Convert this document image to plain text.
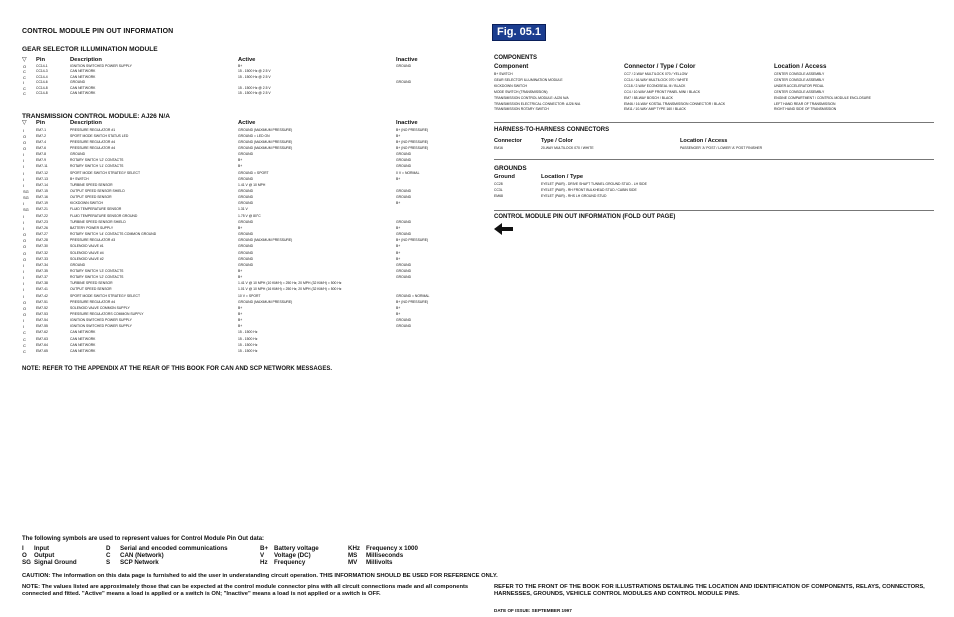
CONTROL MODULE PIN OUT INFORMATION
GEAR SELECTOR ILLUMINATION MODULE
Pin	Description	Active	Inactive
▽
O	CC14-1	IGNITION SWITCHED POWER SUPPLY	B+	GROUND
C	CC14-3	CAN NETWORK	15 - 1500 Hz @ 2.5 V
C	CC14-4	CAN NETWORK	15 - 1500 Hz @ 2.5 V
I	CC14-6	GROUND	GROUND
C	CC14-8	CAN NETWORK	15 - 1500 Hz @ 2.5 V
C	CC14-8	CAN NETWORK	15 - 1500 Hz @ 2.5 V
TRANSMISSION CONTROL MODULE: AJ26 N/A
Pin	Description	Active	Inactive
▽
I	EM7-1	PRESSURE REGULATOR #1	GROUND (MAXIMUM PRESSURE)	B+ (NO PRESSURE)
O	EM7-2	SPORT MODE SWITCH STATUS LED	GROUND = LED ON	B+
O	EM7-4	PRESSURE REGULATOR #4	GROUND (MAXIMUM PRESSURE)	B+ (NO PRESSURE)
O	EM7-6	PRESSURE REGULATOR #4	GROUND (MAXIMUM PRESSURE)	B+ (NO PRESSURE)
I	EM7-8	GROUND	GROUND	GROUND
I	EM7-9	ROTARY SWITCH 'L2' CONTACTS	B+	GROUND
I	EM7-11	ROTARY SWITCH 'L1' CONTACTS	B+	GROUND
I	EM7-12	SPORT MODE SWITCH STRATEGY SELECT	GROUND = SPORT	0 V = NORMAL
I	EM7-13	B+ SWITCH	GROUND	B+
I	EM7-14	TURBINE SPEED SENSOR	1.41 V @ 10 MPH
SG	EM7-15	OUTPUT SPEED SENSOR SHIELD	GROUND	GROUND
SG	EM7-16	OUTPUT SPEED SENSOR	GROUND	GROUND
I	EM7-19	KICKDOWN SWITCH	GROUND	B+
SG	EM7-21	FLUID TEMPERATURE SENSOR	1.31 V
I	EM7-22	FLUID TEMPERATURE SENSOR GROUND	1.75 V @ 80°C
I	EM7-23	TURBINE SPEED SENSOR SHIELD	GROUND	GROUND
I	EM7-26	BATTERY POWER SUPPLY	B+	B+
O	EM7-27	ROTARY SWITCH 'L4' CONTACTS COMMON GROUND	GROUND	GROUND
O	EM7-28	PRESSURE REGULATOR #3	GROUND (MAXIMUM PRESSURE)	B+ (NO PRESSURE)
O	EM7-30	SOLENOID VALVE #1	GROUND	B+
O	EM7-32	SOLENOID VALVE #4	GROUND	B+
O	EM7-33	SOLENOID VALVE #2	GROUND	B+
I	EM7-34	GROUND	GROUND	GROUND
I	EM7-35	ROTARY SWITCH 'L3' CONTACTS	B+	GROUND
I	EM7-37	ROTARY SWITCH 'L2' CONTACTS	B+	GROUND
I	EM7-38	TURBINE SPEED SENSOR	1.41 V @ 10 MPH (10 KM/H) = 250 Hz; 20 MPH (32 KM/H) = 500 Hz
I	EM7-41	OUTPUT SPEED SENSOR	1.01 V @ 10 MPH (16 KM/H) = 250 Hz; 20 MPH (32 KM/H) = 500 Hz
I	EM7-42	SPORT MODE SWITCH STRATEGY SELECT	10 V = SPORT	GROUND = NORMAL
O	EM7-51	PRESSURE REGULATOR #4	GROUND (MAXIMUM PRESSURE)	B+ (NO PRESSURE)
O	EM7-52	SOLENOID VALVE COMMON SUPPLY	B+	B+
O	EM7-53	PRESSURE REGULATORS COMMON SUPPLY	B+	B+
I	EM7-54	IGNITION SWITCHED POWER SUPPLY	B+	GROUND
I	EM7-55	IGNITION SWITCHED POWER SUPPLY	B+	GROUND
C	EM7-62	CAN NETWORK	15 - 1500 Hz
C	EM7-63	CAN NETWORK	15 - 1500 Hz
C	EM7-64	CAN NETWORK	15 - 1500 Hz
C	EM7-65	CAN NETWORK	15 - 1500 Hz
NOTE: REFER TO THE APPENDIX AT THE REAR OF THIS BOOK FOR CAN AND SCP NETWORK MESSAGES.
The following symbols are used to represent values for Control Module Pin Out data:
I Input	D Serial and encoded communications	B+ Battery voltage	KHz Frequency x 1000
O Output	C CAN (Network)	V Voltage (DC)	MS Milliseconds
SG Signal Ground	S SCP Network	Hz Frequency	MV Millivolts
CAUTION: The information on this data page is furnished to aid the user in understanding circuit operation. THIS INFORMATION SHOULD BE USED FOR REFERENCE ONLY.
NOTE: The values listed are approximately those that can be expected at the control module connector pins with all circuit connections made and all components connected and fitted. "Active" means a load is applied or a switch is ON; "Inactive" means a load is not applied or a switch is OFF.
Fig. 05.1
COMPONENTS
Component	Connector / Type / Color	Location / Access
B+ SWITCH	CC7 / 2-WAY MULTILOCK 070 / YELLOW	CENTER CONSOLE ASSEMBLY
GEAR SELECTOR ILLUMINATION MODULE	CC14 / 16-WAY MULTILOCK 070 / WHITE	CENTER CONSOLE ASSEMBLY
KICKDOWN SWITCH	CC18 / 2-WAY ECONOSEAL III / BLACK	UNDER ACCELERATOR PEDAL
MODE SWITCH (TRANSMISSION)	CC4 / 10-WAY AMP FRONT PANEL MINI / BLACK	CENTER CONSOLE ASSEMBLY
TRANSMISSION CONTROL MODULE: AJ26 N/A	EM7 / 88-WAY BOSCH / BLACK	ENGINE COMPARTMENT / CONTROL MODULE ENCLOSURE
TRANSMISSION ELECTRICAL CONNECTOR: AJ26 N/A	EM46 / 16-WAY KOSTAL TRANSMISSION CONNECTOR / BLACK	LEFT HAND REAR OF TRANSMISSION
TRANSMISSION ROTARY SWITCH	EM11 / 10-WAY AMP TYPE 160 / BLACK	RIGHT HAND SIDE OF TRANSMISSION
HARNESS-TO-HARNESS CONNECTORS
Connector	Type / Color	Location / Access
EM16	20-WAY MULTILOCK 070 / WHITE	PASSENGER 'A' POST / LOWER 'A' POST FINISHER
GROUNDS
Ground	Location / Type
CC28	EYELET (PAIR) - DRIVE SHAFT TUNNEL GROUND STUD - LH SIDE
CC3L	EYELET (PAIR) - RH FRONT BULKHEAD STUD / CABIN SIDE
EM68	EYELET (PAIR) - RHS LH GROUND STUD
CONTROL MODULE PIN OUT INFORMATION (FOLD OUT PAGE)
REFER TO THE FRONT OF THE BOOK FOR ILLUSTRATIONS DETAILING THE LOCATION AND IDENTIFICATION OF COMPONENTS, RELAYS, CONNECTORS, HARNESSES, GROUNDS, VEHICLE CONTROL MODULES AND CONTROL MODULE PINS.
DATE OF ISSUE: SEPTEMBER 1997
